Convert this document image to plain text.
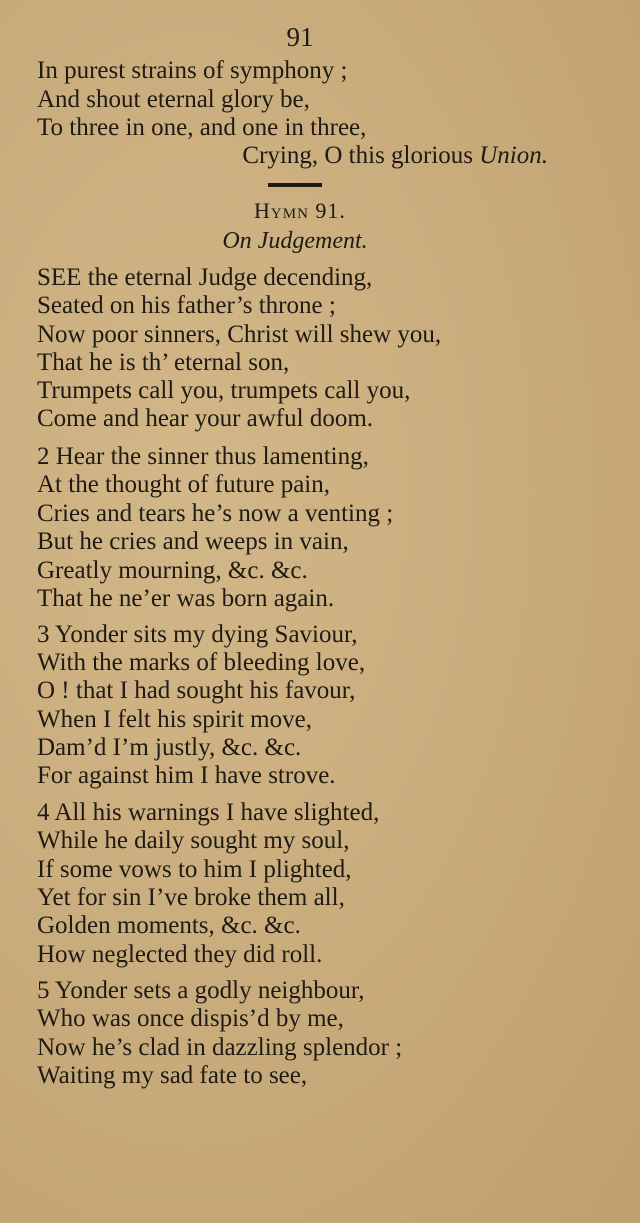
91
In purest strains of symphony ;
And shout eternal glory be,
To three in one, and one in three,
Crying, O this glorious Union.
Hymn 91.
On Judgement.
SEE the eternal Judge decending,
Seated on his father’s throne ;
Now poor sinners, Christ will shew you,
That he is th’ eternal son,
Trumpets call you, trumpets call you,
Come and hear your awful doom.
2 Hear the sinner thus lamenting,
At the thought of future pain,
Cries and tears he’s now a venting ;
But he cries and weeps in vain,
Greatly mourning, &c. &c.
That he ne’er was born again.
3 Yonder sits my dying Saviour,
With the marks of bleeding love,
O ! that I had sought his favour,
When I felt his spirit move,
Dam’d I’m justly, &c. &c.
For against him I have strove.
4 All his warnings I have slighted,
While he daily sought my soul,
If some vows to him I plighted,
Yet for sin I’ve broke them all,
Golden moments, &c. &c.
How neglected they did roll.
5 Yonder sets a godly neighbour,
Who was once dispis’d by me,
Now he’s clad in dazzling splendor ;
Waiting my sad fate to see,
